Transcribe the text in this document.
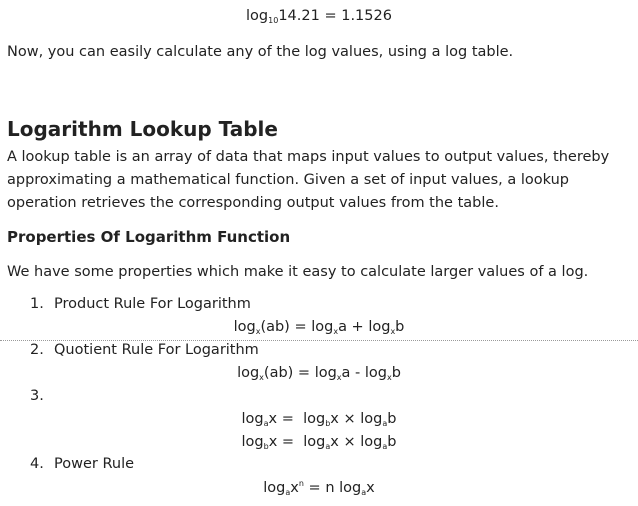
$\log_{10}14.21 = 1.1526$
Now, you can easily calculate any of the log values, using a log table.
Logarithm Lookup Table
A lookup table is an array of data that maps input values to output values, thereby approximating a mathematical function. Given a set of input values, a lookup operation retrieves the corresponding output values from the table.
Properties Of Logarithm Function
We have some properties which make it easy to calculate larger values of a log.
1. Product Rule For Logarithm
$\log_x(ab) = \log_xa + \log_xb$
2. Quotient Rule For Logarithm
$\log_x(ab) = \log_xa - \log_xb$
3.
$\log_ax = \log_bx \times \log_ab$
$\log_bx = \log_ax \times \log_ab$
4. Power Rule
$\log_ax^n = n$ $\log_ax$
